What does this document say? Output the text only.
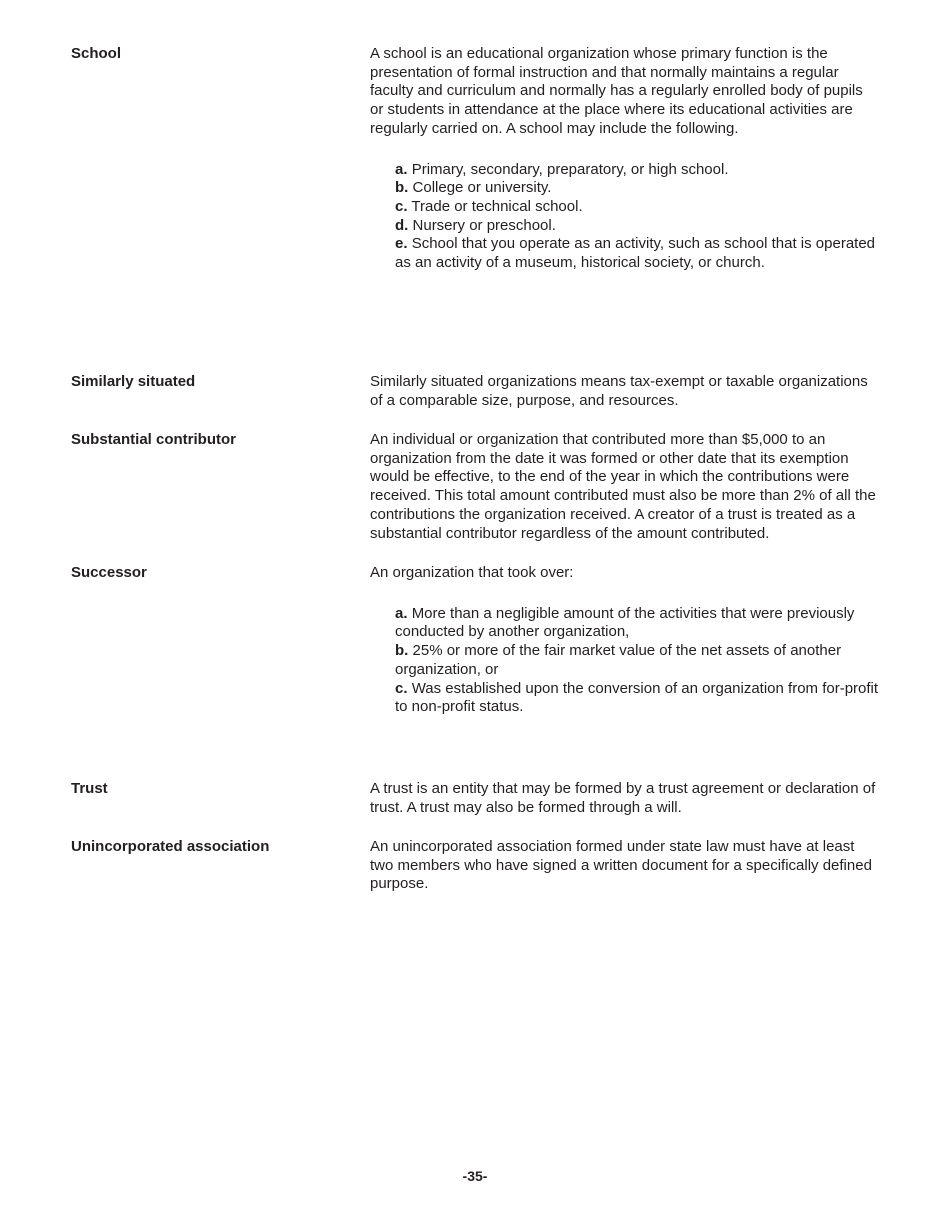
School	A school is an educational organization whose primary function is the presentation of formal instruction and that normally maintains a regular faculty and curriculum and normally has a regularly enrolled body of pupils or students in attendance at the place where its educational activities are regularly carried on. A school may include the following.

a. Primary, secondary, preparatory, or high school.

b. College or university.

c. Trade or technical school.

d. Nursery or preschool.

e. School that you operate as an activity, such as school that is operated as an activity of a museum, historical society, or church.

Similarly situated	Similarly situated organizations means tax-exempt or taxable organizations of a comparable size, purpose, and resources.

Substantial contributor	An individual or organization that contributed more than $5,000 to an organization from the date it was formed or other date that its exemption would be effective, to the end of the year in which the contributions were received. This total amount contributed must also be more than 2% of all the contributions the organization received. A creator of a trust is treated as a substantial contributor regardless of the amount contributed.

Successor	An organization that took over:

a. More than a negligible amount of the activities that were previously conducted by another organization,

b. 25% or more of the fair market value of the net assets of another organization, or

c. Was established upon the conversion of an organization from for-profit to non-profit status.

Trust	A trust is an entity that may be formed by a trust agreement or declaration of trust. A trust may also be formed through a will.

Unincorporated association	An unincorporated association formed under state law must have at least two members who have signed a written document for a specifically defined purpose.

-35-
